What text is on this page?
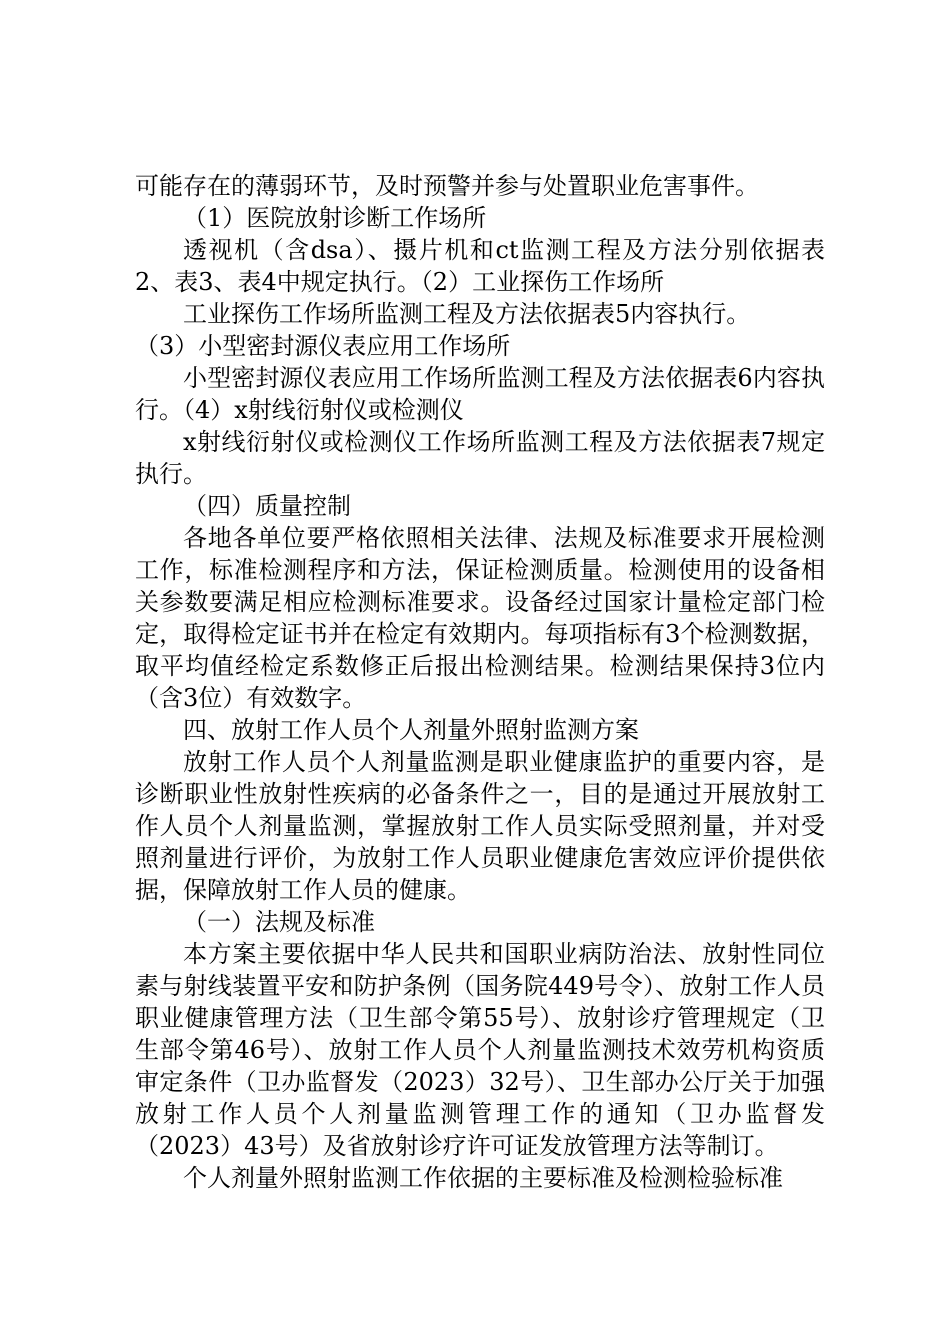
可能存在的薄弱环节，及时预警并参与处置职业危害事件。

（1）医院放射诊断工作场所

透视机（含dsa）、摄片机和ct监测工程及方法分别依据表2、表3、表4中规定执行。（2）工业探伤工作场所

工业探伤工作场所监测工程及方法依据表5内容执行。

（3）小型密封源仪表应用工作场所

小型密封源仪表应用工作场所监测工程及方法依据表6内容执行。（4）x射线衍射仪或检测仪

x射线衍射仪或检测仪工作场所监测工程及方法依据表7规定执行。

（四）质量控制

各地各单位要严格依照相关法律、法规及标准要求开展检测工作，标准检测程序和方法，保证检测质量。检测使用的设备相关参数要满足相应检测标准要求。设备经过国家计量检定部门检定，取得检定证书并在检定有效期内。每项指标有3个检测数据，取平均值经检定系数修正后报出检测结果。检测结果保持3位内（含3位）有效数字。

四、放射工作人员个人剂量外照射监测方案

放射工作人员个人剂量监测是职业健康监护的重要内容，是诊断职业性放射性疾病的必备条件之一，目的是通过开展放射工作人员个人剂量监测，掌握放射工作人员实际受照剂量，并对受照剂量进行评价，为放射工作人员职业健康危害效应评价提供依据，保障放射工作人员的健康。

（一）法规及标准

本方案主要依据中华人民共和国职业病防治法、放射性同位素与射线装置平安和防护条例（国务院449号令）、放射工作人员职业健康管理方法（卫生部令第55号）、放射诊疗管理规定（卫生部令第46号）、放射工作人员个人剂量监测技术效劳机构资质审定条件（卫办监督发（2023）32号）、卫生部办公厅关于加强放射工作人员个人剂量监测管理工作的通知（卫办监督发（2023）43号）及省放射诊疗许可证发放管理方法等制订。

个人剂量外照射监测工作依据的主要标准及检测检验标准
